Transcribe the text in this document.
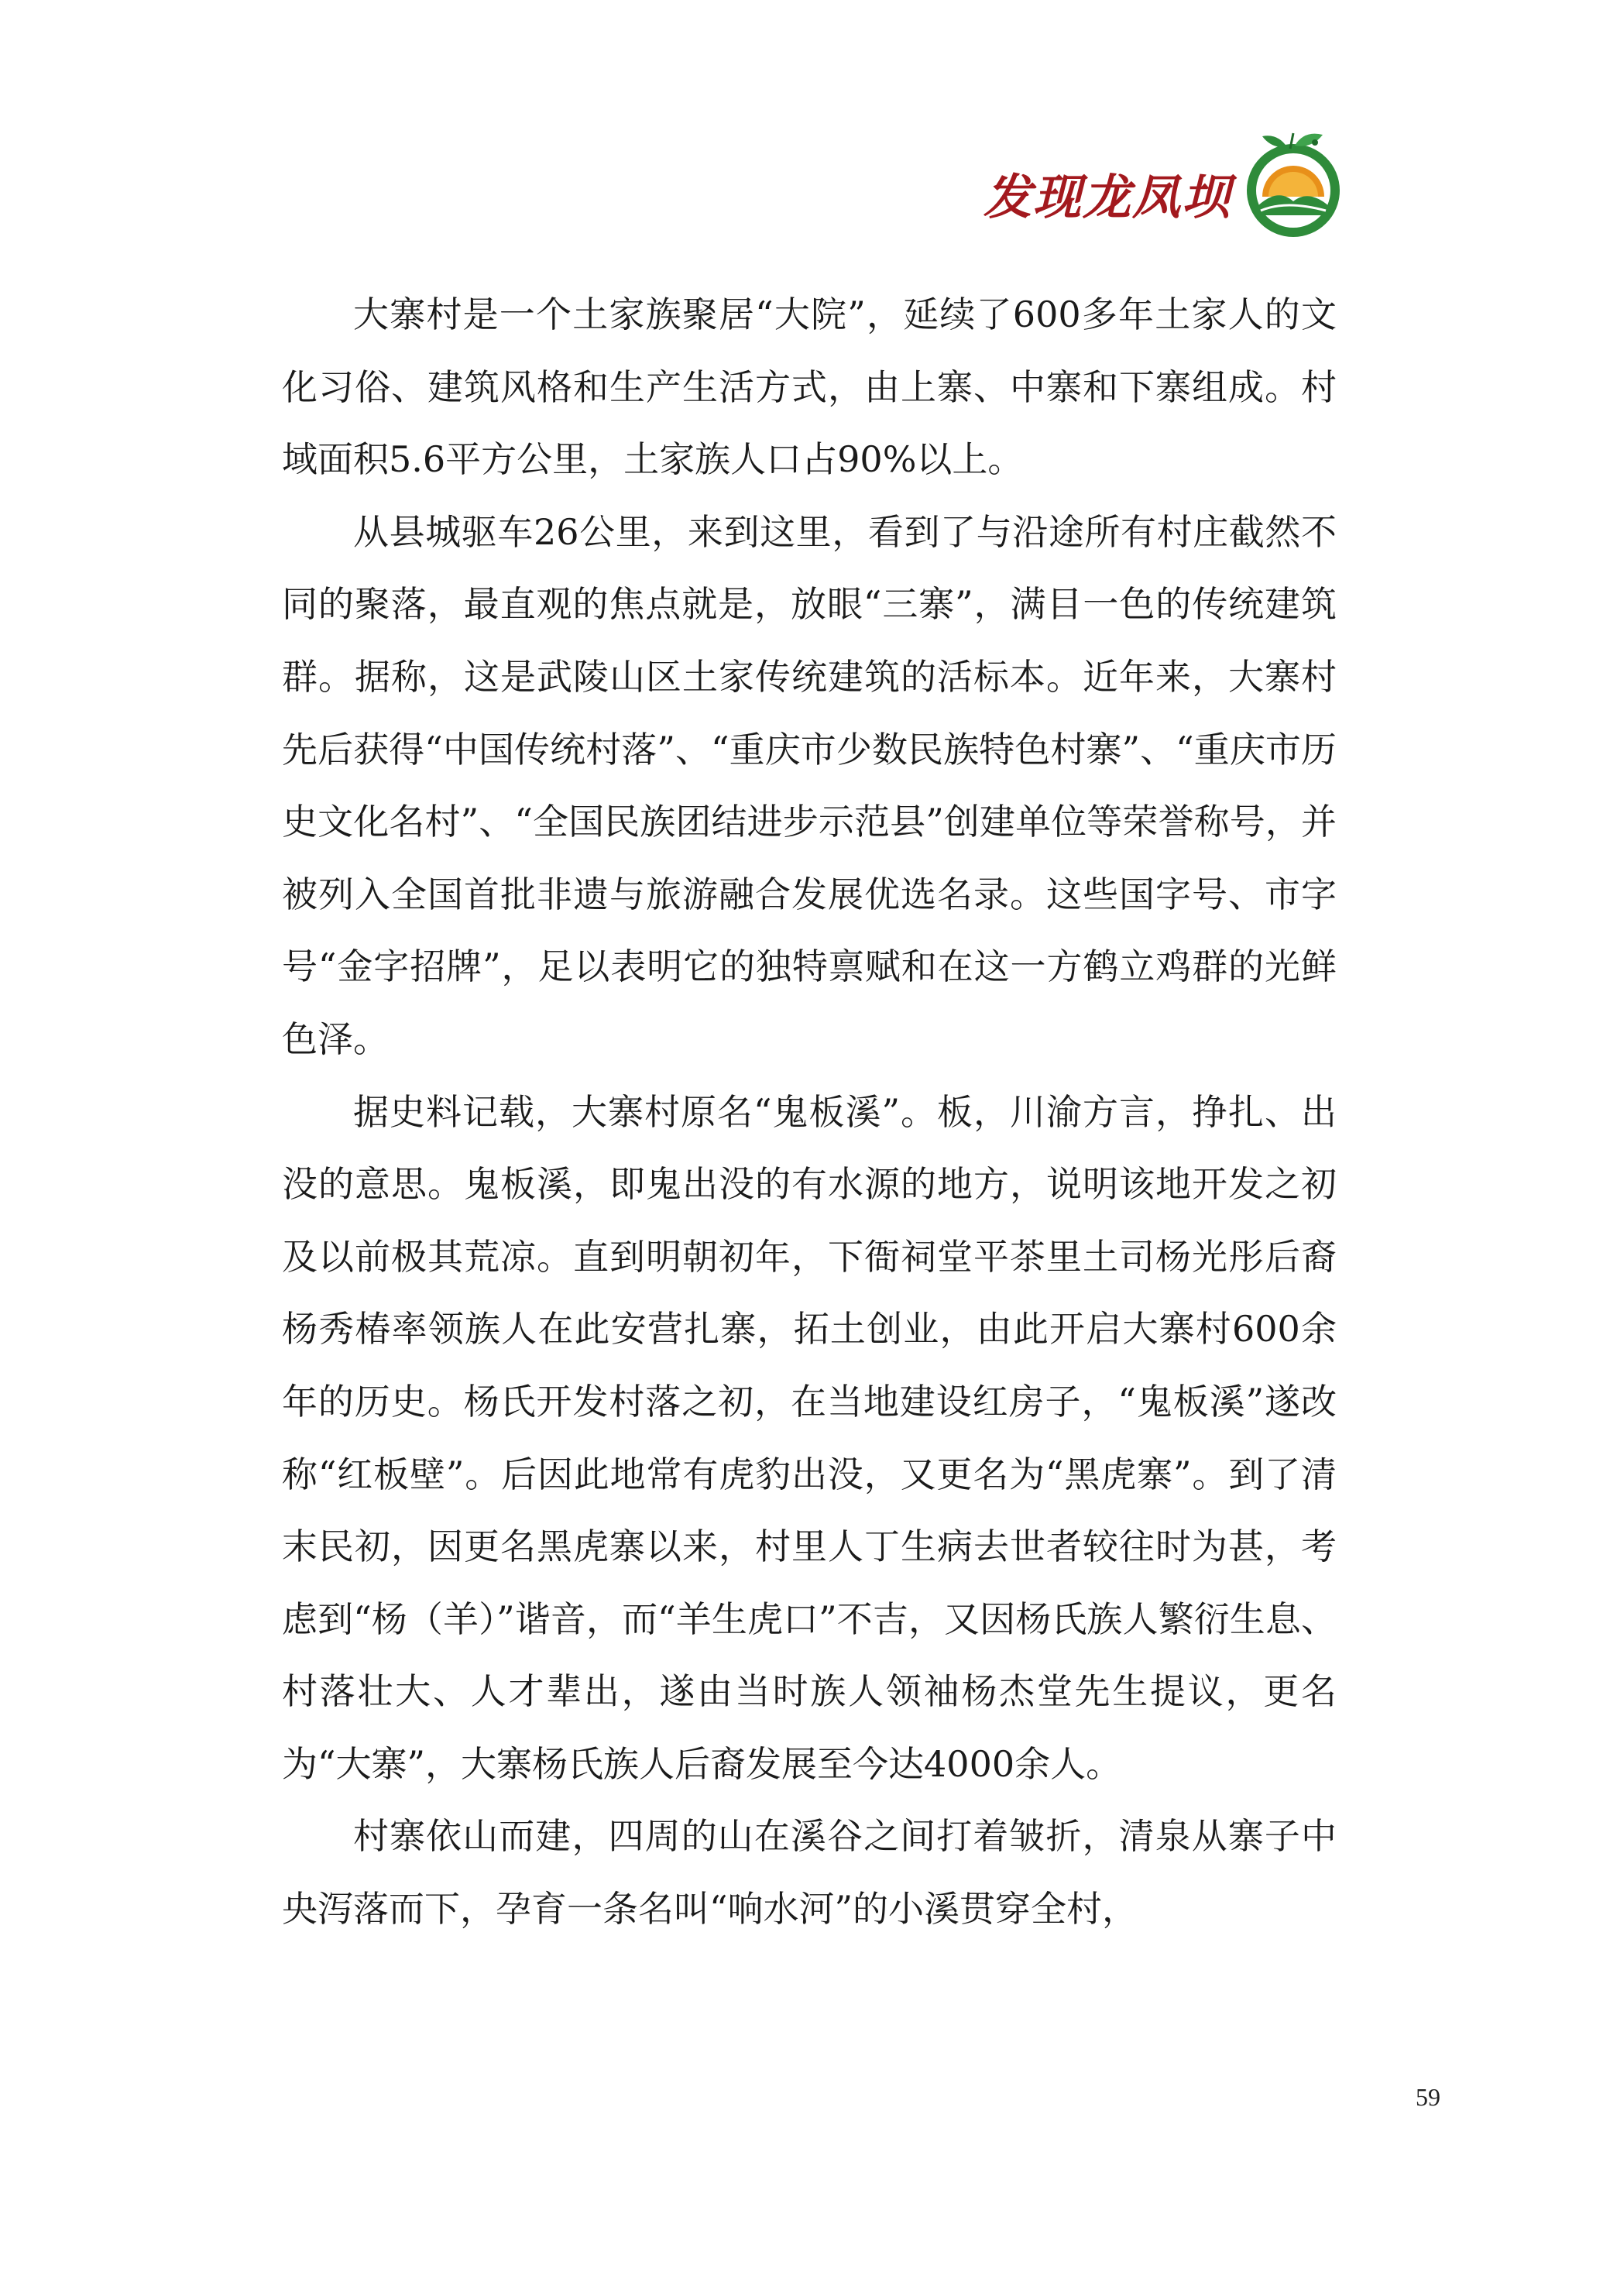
发现龙凤坝

大寨村是一个土家族聚居“大院”，延续了600多年土家人的文化习俗、建筑风格和生产生活方式，由上寨、中寨和下寨组成。村域面积5.6平方公里，土家族人口占90%以上。

从县城驱车26公里，来到这里，看到了与沿途所有村庄截然不同的聚落，最直观的焦点就是，放眼“三寨”，满目一色的传统建筑群。据称，这是武陵山区土家传统建筑的活标本。近年来，大寨村先后获得“中国传统村落”、“重庆市少数民族特色村寨”、“重庆市历史文化名村”、“全国民族团结进步示范县”创建单位等荣誉称号，并被列入全国首批非遗与旅游融合发展优选名录。这些国字号、市字号“金字招牌”，足以表明它的独特禀赋和在这一方鹤立鸡群的光鲜色泽。

据史料记载，大寨村原名“鬼板溪”。板，川渝方言，挣扎、出没的意思。鬼板溪，即鬼出没的有水源的地方，说明该地开发之初及以前极其荒凉。直到明朝初年，下衙祠堂平茶里土司杨光彤后裔杨秀椿率领族人在此安营扎寨，拓土创业，由此开启大寨村600余年的历史。杨氏开发村落之初，在当地建设红房子，“鬼板溪”遂改称“红板壁”。后因此地常有虎豹出没，又更名为“黑虎寨”。到了清末民初，因更名黑虎寨以来，村里人丁生病去世者较往时为甚，考虑到“杨（羊）”谐音，而“羊生虎口”不吉，又因杨氏族人繁衍生息、村落壮大、人才辈出，遂由当时族人领袖杨杰堂先生提议，更名为“大寨”，大寨杨氏族人后裔发展至今达4000余人。

村寨依山而建，四周的山在溪谷之间打着皱折，清泉从寨子中央泻落而下，孕育一条名叫“响水河”的小溪贯穿全村，

59
